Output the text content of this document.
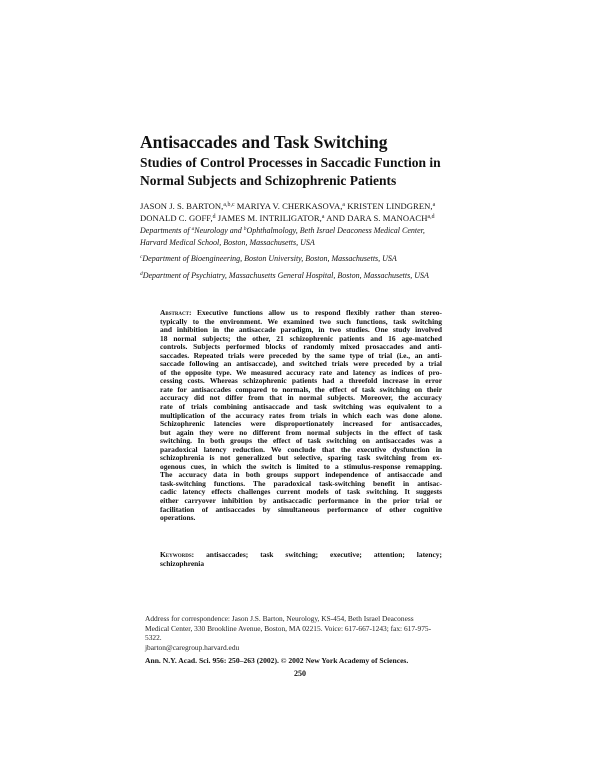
Antisaccades and Task Switching
Studies of Control Processes in Saccadic Function in
Normal Subjects and Schizophrenic Patients
JASON J. S. BARTON,$^{a,b,c}$ MARIYA V. CHERKASOVA,$^a$ KRISTEN LINDGREN,$^a$
DONALD C. GOFF,$^d$ JAMES M. INTRILIGATOR,$^a$ AND DARA S. MANOACH$^{a,d}$

Departments of $^a$Neurology and $^b$Ophthalmology, Beth Israel Deaconess Medical Center,

Harvard Medical School, Boston, Massachusetts, USA

$^c$Department of Bioengineering, Boston University, Boston, Massachusetts, USA

$^d$Department of Psychiatry, Massachusetts General Hospital, Boston, Massachusetts, USA

Abstract: Executive functions allow us to respond flexibly rather than stereo-
typically to the environment. We examined two such functions, task switching
and inhibition in the antisaccade paradigm, in two studies. One study involved
18 normal subjects; the other, 21 schizophrenic patients and 16 age-matched
controls. Subjects performed blocks of randomly mixed prosaccades and anti-
saccades. Repeated trials were preceded by the same type of trial (i.e., an anti-
saccade following an antisaccade), and switched trials were preceded by a trial
of the opposite type. We measured accuracy rate and latency as indices of pro-
cessing costs. Whereas schizophrenic patients had a threefold increase in error
rate for antisaccades compared to normals, the effect of task switching on their
accuracy did not differ from that in normal subjects. Moreover, the accuracy
rate of trials combining antisaccade and task switching was equivalent to a
multiplication of the accuracy rates from trials in which each was done alone.
Schizophrenic latencies were disproportionately increased for antisaccades,
but again they were no different from normal subjects in the effect of task
switching. In both groups the effect of task switching on antisaccades was a
paradoxical latency reduction. We conclude that the executive dysfunction in
schizophrenia is not generalized but selective, sparing task switching from ex-
ogenous cues, in which the switch is limited to a stimulus-response remapping.
The accuracy data in both groups support independence of antisaccade and
task-switching functions. The paradoxical task-switching benefit in antisac-
cadic latency effects challenges current models of task switching. It suggests
either carryover inhibition by antisaccadic performance in the prior trial or
facilitation of antisaccades by simultaneous performance of other cognitive
operations.
Keywords: antisaccades; task switching; executive; attention; latency;
schizophrenia
Address for correspondence: Jason J.S. Barton, Neurology, KS-454, Beth Israel Deaconess
Medical Center, 330 Brookline Avenue, Boston, MA 02215. Voice: 617-667-1243; fax: 617-975-
5322.
jbarton@caregroup.harvard.edu
Ann. N.Y. Acad. Sci. 956: 250–263 (2002). © 2002 New York Academy of Sciences.
250
